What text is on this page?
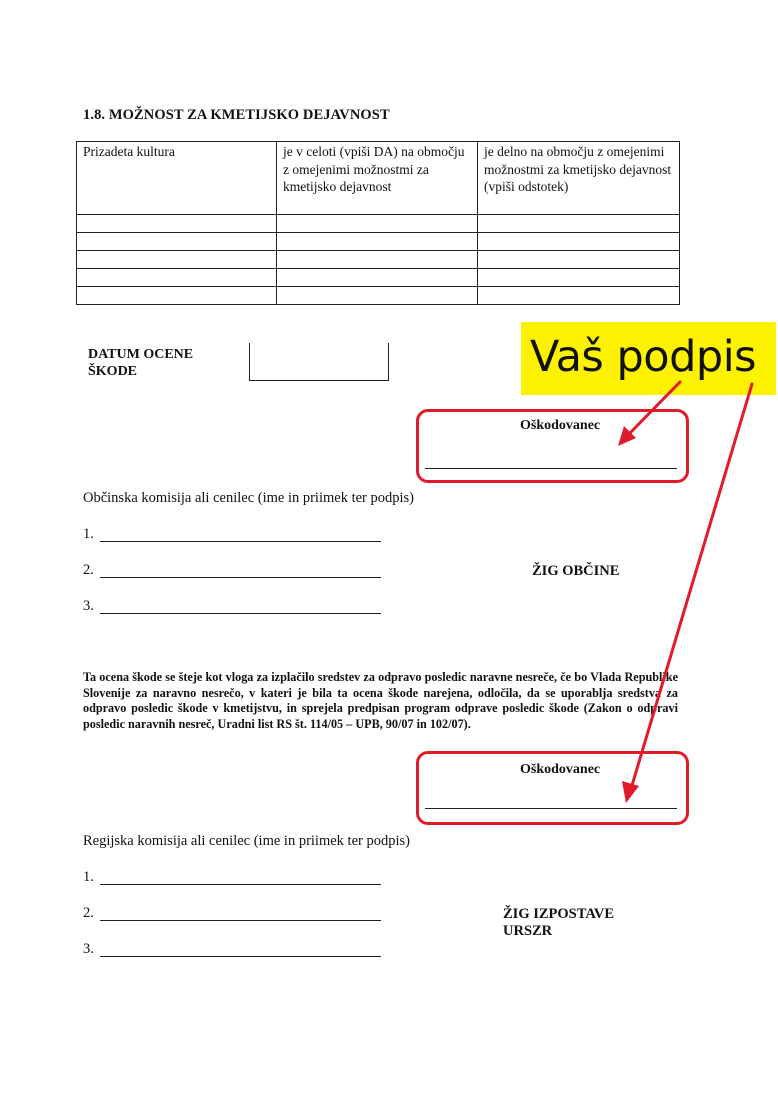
1.8. MOŽNOST ZA KMETIJSKO DEJAVNOST
Prizadeta kultura	je v celoti (vpiši DA) na območju z omejenimi možnostmi za kmetijsko dejavnost	je delno na območju z omejenimi možnostmi za kmetijsko dejavnost (vpiši odstotek)

DATUM OCENE
ŠKODE	Vaš podpis
Oškodovanec
Občinska komisija ali cenilec (ime in priimek ter podpis)
1.
2.
3.
ŽIG OBČINE
Ta ocena škode se šteje kot vloga za izplačilo sredstev za odpravo posledic naravne nesreče, če bo Vlada Republike Slovenije za naravno nesrečo, v kateri je bila ta ocena škode narejena, odločila, da se uporablja sredstva za odpravo posledic škode v kmetijstvu, in sprejela predpisan program odprave posledic škode (Zakon o odpravi posledic naravnih nesreč, Uradni list RS št. 114/05 – UPB, 90/07 in 102/07).
Oškodovanec
Regijska komisija ali cenilec (ime in priimek ter podpis)
1.
2.
3.
ŽIG IZPOSTAVE
URSZR
